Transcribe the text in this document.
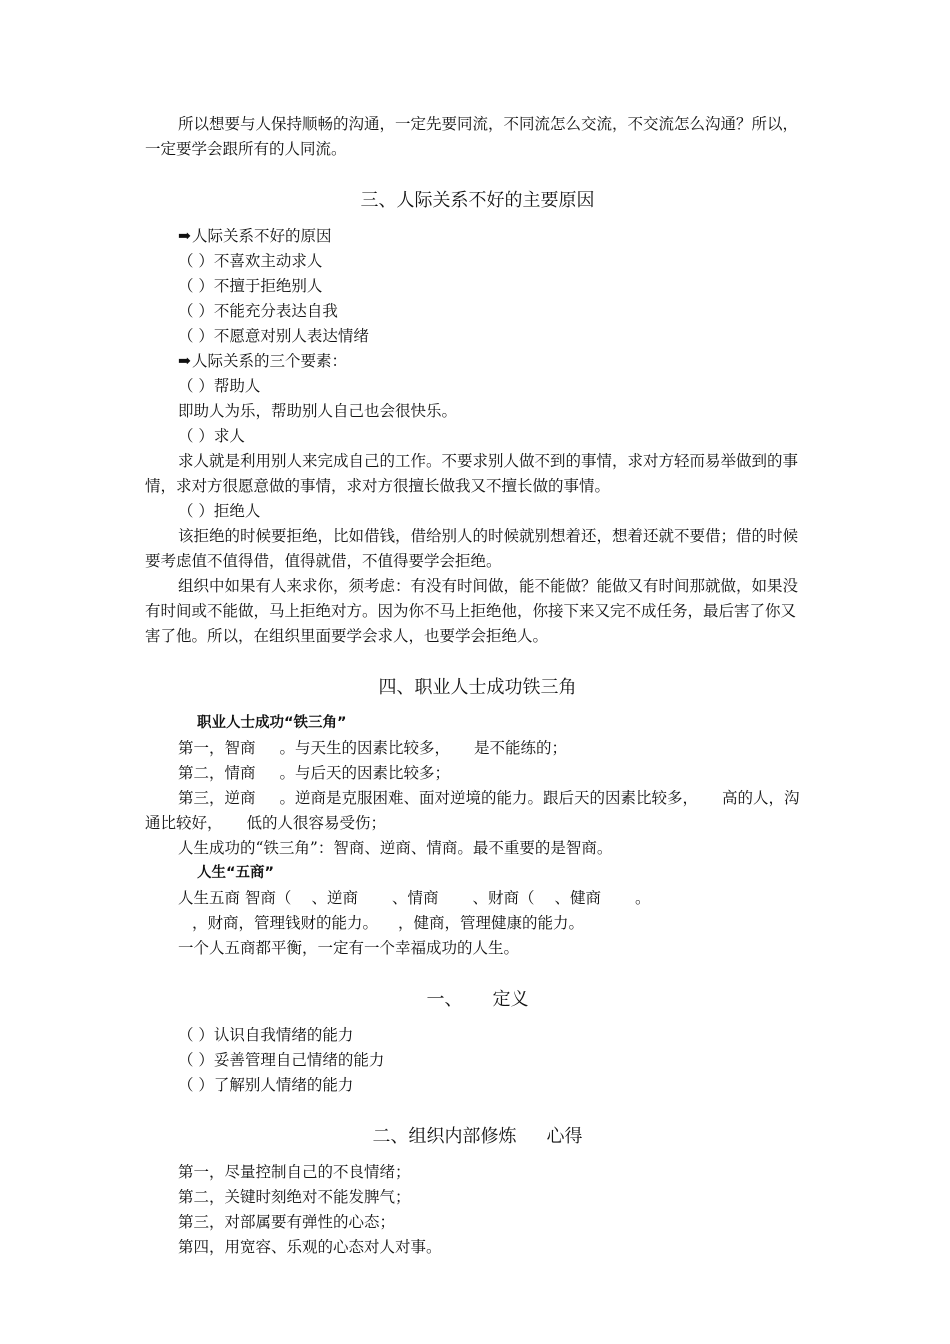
所以想要与人保持顺畅的沟通，一定先要同流，不同流怎么交流，不交流怎么沟通？所以，一定要学会跟所有的人同流。

三、人际关系不好的主要原因

➡人际关系不好的原因

（ ）不喜欢主动求人

（ ）不擅于拒绝别人

（ ）不能充分表达自我

（ ）不愿意对别人表达情绪

➡人际关系的三个要素：

（ ）帮助人

即助人为乐，帮助别人自己也会很快乐。

（ ）求人

求人就是利用别人来完成自己的工作。不要求别人做不到的事情，求对方轻而易举做到的事情，求对方很愿意做的事情，求对方很擅长做我又不擅长做的事情。

（ ）拒绝人

该拒绝的时候要拒绝，比如借钱，借给别人的时候就别想着还，想着还就不要借；借的时候要考虑值不值得借，值得就借，不值得要学会拒绝。

组织中如果有人来求你，须考虑：有没有时间做，能不能做？能做又有时间那就做，如果没有时间或不能做，马上拒绝对方。因为你不马上拒绝他，你接下来又完不成任务，最后害了你又害了他。所以，在组织里面要学会求人，也要学会拒绝人。

四、职业人士成功铁三角

职业人士成功“铁三角”

第一，智商 。与天生的因素比较多， 是不能练的；

第二，情商 。与后天的因素比较多；

第三，逆商 。逆商是克服困难、面对逆境的能力。跟后天的因素比较多， 高的人，沟通比较好， 低的人很容易受伤；

人生成功的“铁三角”：智商、逆商、情商。最不重要的是智商。

人生“五商”

人生五商 智商（ 、逆商 、情商 、财商（ 、健商 。

，财商，管理钱财的能力。 ，健商，管理健康的能力。

一个人五商都平衡，一定有一个幸福成功的人生。

一、 定义

（ ）认识自我情绪的能力

（ ）妥善管理自己情绪的能力

（ ）了解别人情绪的能力

二、组织内部修炼 心得

第一，尽量控制自己的不良情绪；

第二，关键时刻绝对不能发脾气；

第三，对部属要有弹性的心态；

第四，用宽容、乐观的心态对人对事。
